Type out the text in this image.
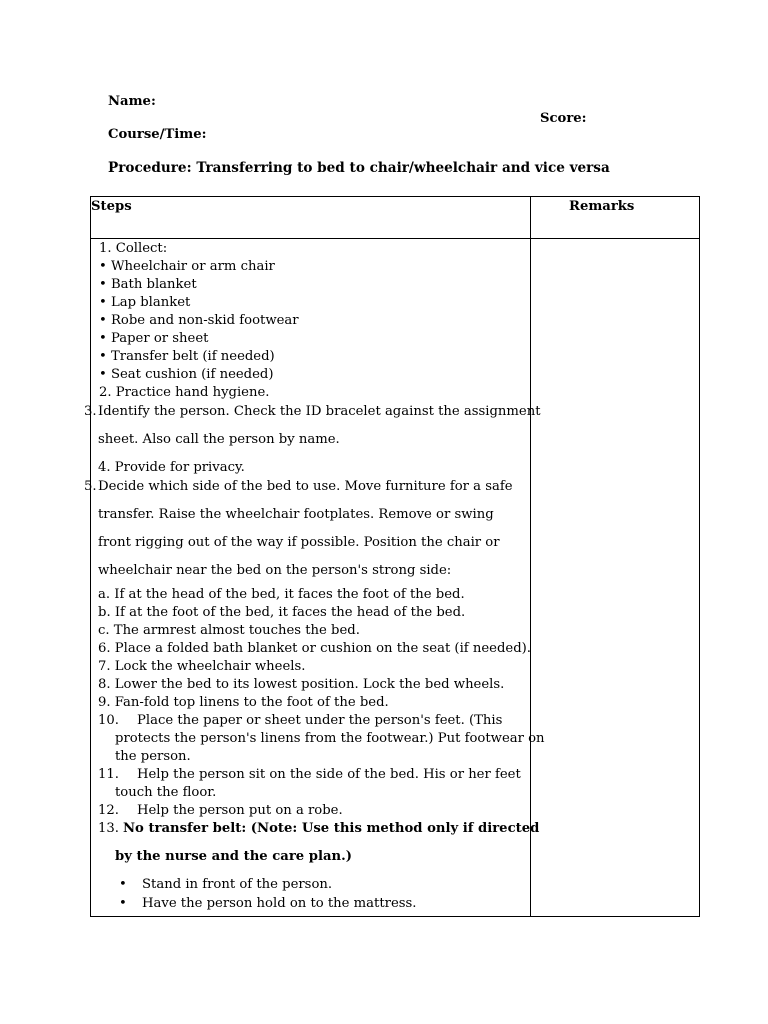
Name:
Score:
Course/Time:
Procedure: Transferring to bed to chair/wheelchair and vice versa
Steps	Remarks
1. Collect:
• Wheelchair or arm chair
• Bath blanket
• Lap blanket
• Robe and non-skid footwear
• Paper or sheet
• Transfer belt (if needed)
• Seat cushion (if needed)
2. Practice hand hygiene.
3. Identify the person. Check the ID bracelet against the assignment
sheet. Also call the person by name.
4. Provide for privacy.
5. Decide which side of the bed to use. Move furniture for a safe
transfer. Raise the wheelchair footplates. Remove or swing
front rigging out of the way if possible. Position the chair or
wheelchair near the bed on the person's strong side:
a. If at the head of the bed, it faces the foot of the bed.
b. If at the foot of the bed, it faces the head of the bed.
c. The armrest almost touches the bed.
6. Place a folded bath blanket or cushion on the seat (if needed).
7. Lock the wheelchair wheels.
8. Lower the bed to its lowest position. Lock the bed wheels.
9. Fan-fold top linens to the foot of the bed.
10. Place the paper or sheet under the person's feet. (This
protects the person's linens from the footwear.) Put footwear on
the person.
11. Help the person sit on the side of the bed. His or her feet
touch the floor.
12. Help the person put on a robe.
13. No transfer belt: (Note: Use this method only if directed
by the nurse and the care plan.)
• Stand in front of the person.
• Have the person hold on to the mattress.
